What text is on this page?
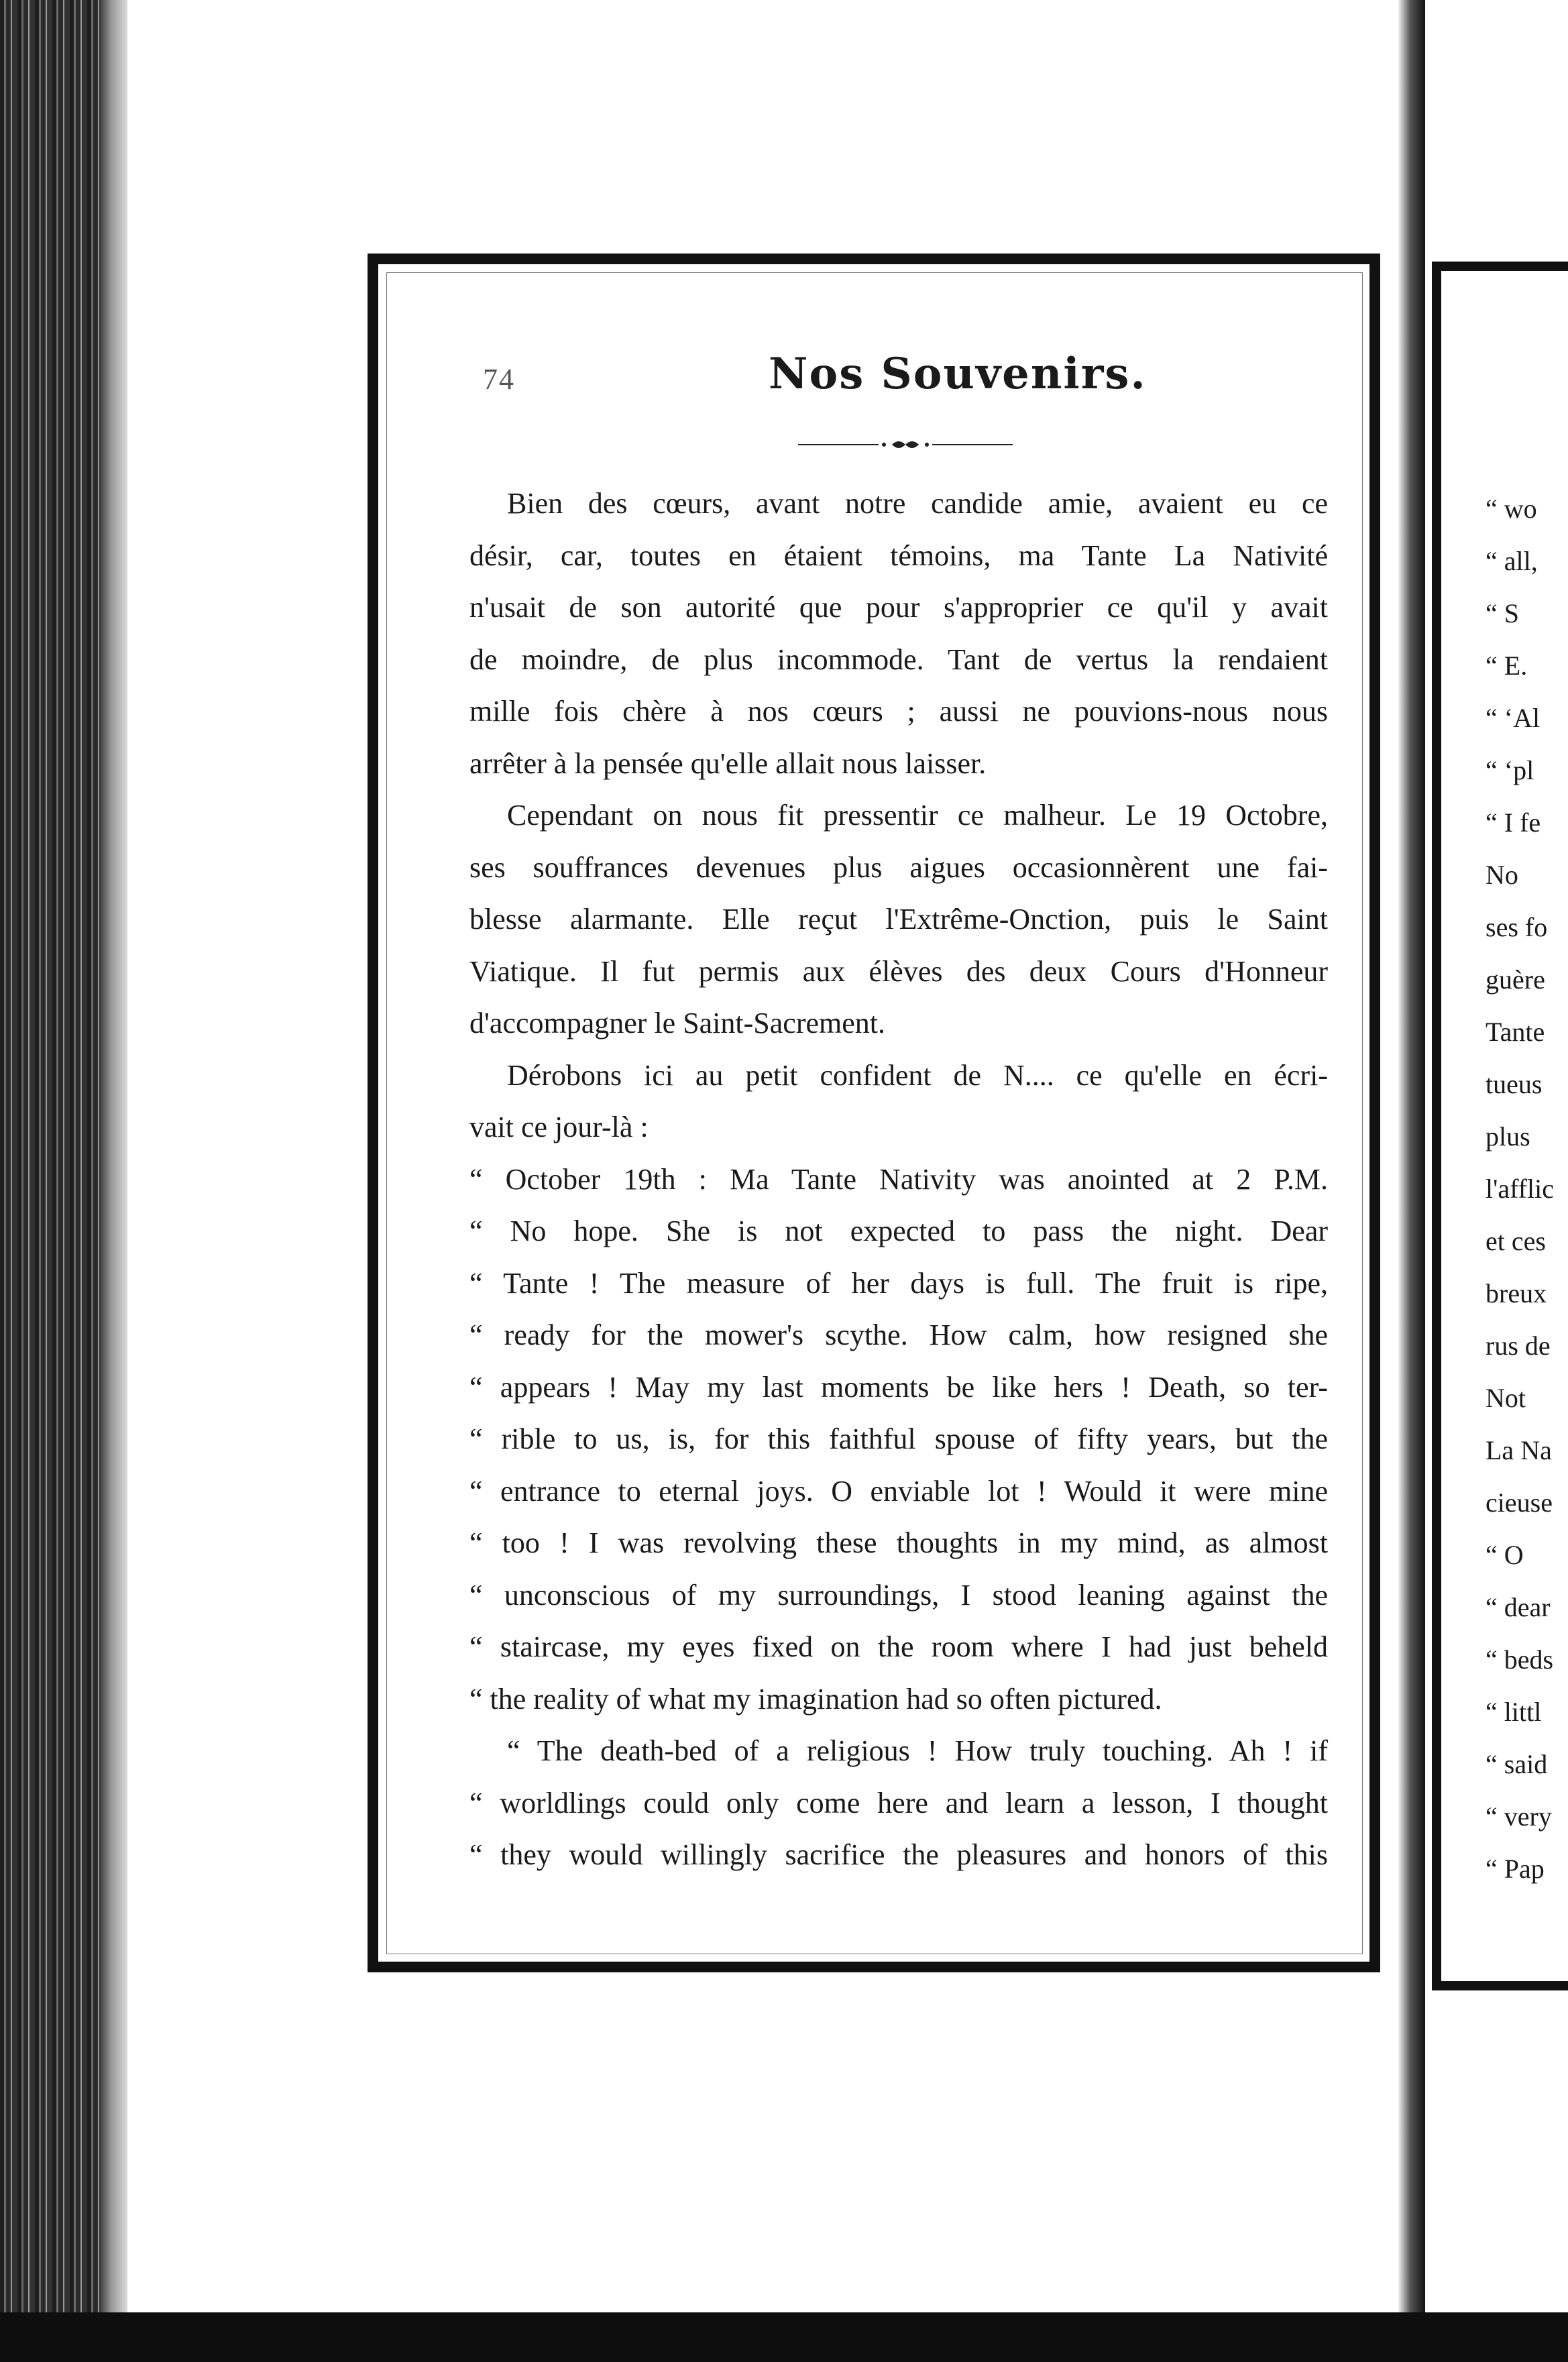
“ wo
“ all,
“ S
“ E.
“ ‘Al
“ ‘pl
“ I fe
No
ses fo
guère
Tante
tueus
plus
l'afflic
et ces
breux
rus de
Not
La Na
cieuse
“ O
“ dear
“ beds
“ littl
“ said
“ very
“ Pap
74	Nos Souvenirs.
Bien des cœurs, avant notre candide amie, avaient eu ce
désir, car, toutes en étaient témoins, ma Tante La Nativité
n'usait de son autorité que pour s'approprier ce qu'il y avait
de moindre, de plus incommode. Tant de vertus la rendaient
mille fois chère à nos cœurs ; aussi ne pouvions-nous nous
arrêter à la pensée qu'elle allait nous laisser.
Cependant on nous fit pressentir ce malheur. Le 19 Octobre,
ses souffrances devenues plus aigues occasionnèrent une fai-
blesse alarmante. Elle reçut l'Extrême-Onction, puis le Saint
Viatique. Il fut permis aux élèves des deux Cours d'Honneur
d'accompagner le Saint-Sacrement.
Dérobons ici au petit confident de N.... ce qu'elle en écri-
vait ce jour-là :
“ October 19th : Ma Tante Nativity was anointed at 2 P.M.
“ No hope. She is not expected to pass the night. Dear
“ Tante ! The measure of her days is full. The fruit is ripe,
“ ready for the mower's scythe. How calm, how resigned she
“ appears ! May my last moments be like hers ! Death, so ter-
“ rible to us, is, for this faithful spouse of fifty years, but the
“ entrance to eternal joys. O enviable lot ! Would it were mine
“ too ! I was revolving these thoughts in my mind, as almost
“ unconscious of my surroundings, I stood leaning against the
“ staircase, my eyes fixed on the room where I had just beheld
“ the reality of what my imagination had so often pictured.
“ The death-bed of a religious ! How truly touching. Ah ! if
“ worldlings could only come here and learn a lesson, I thought
“ they would willingly sacrifice the pleasures and honors of this
